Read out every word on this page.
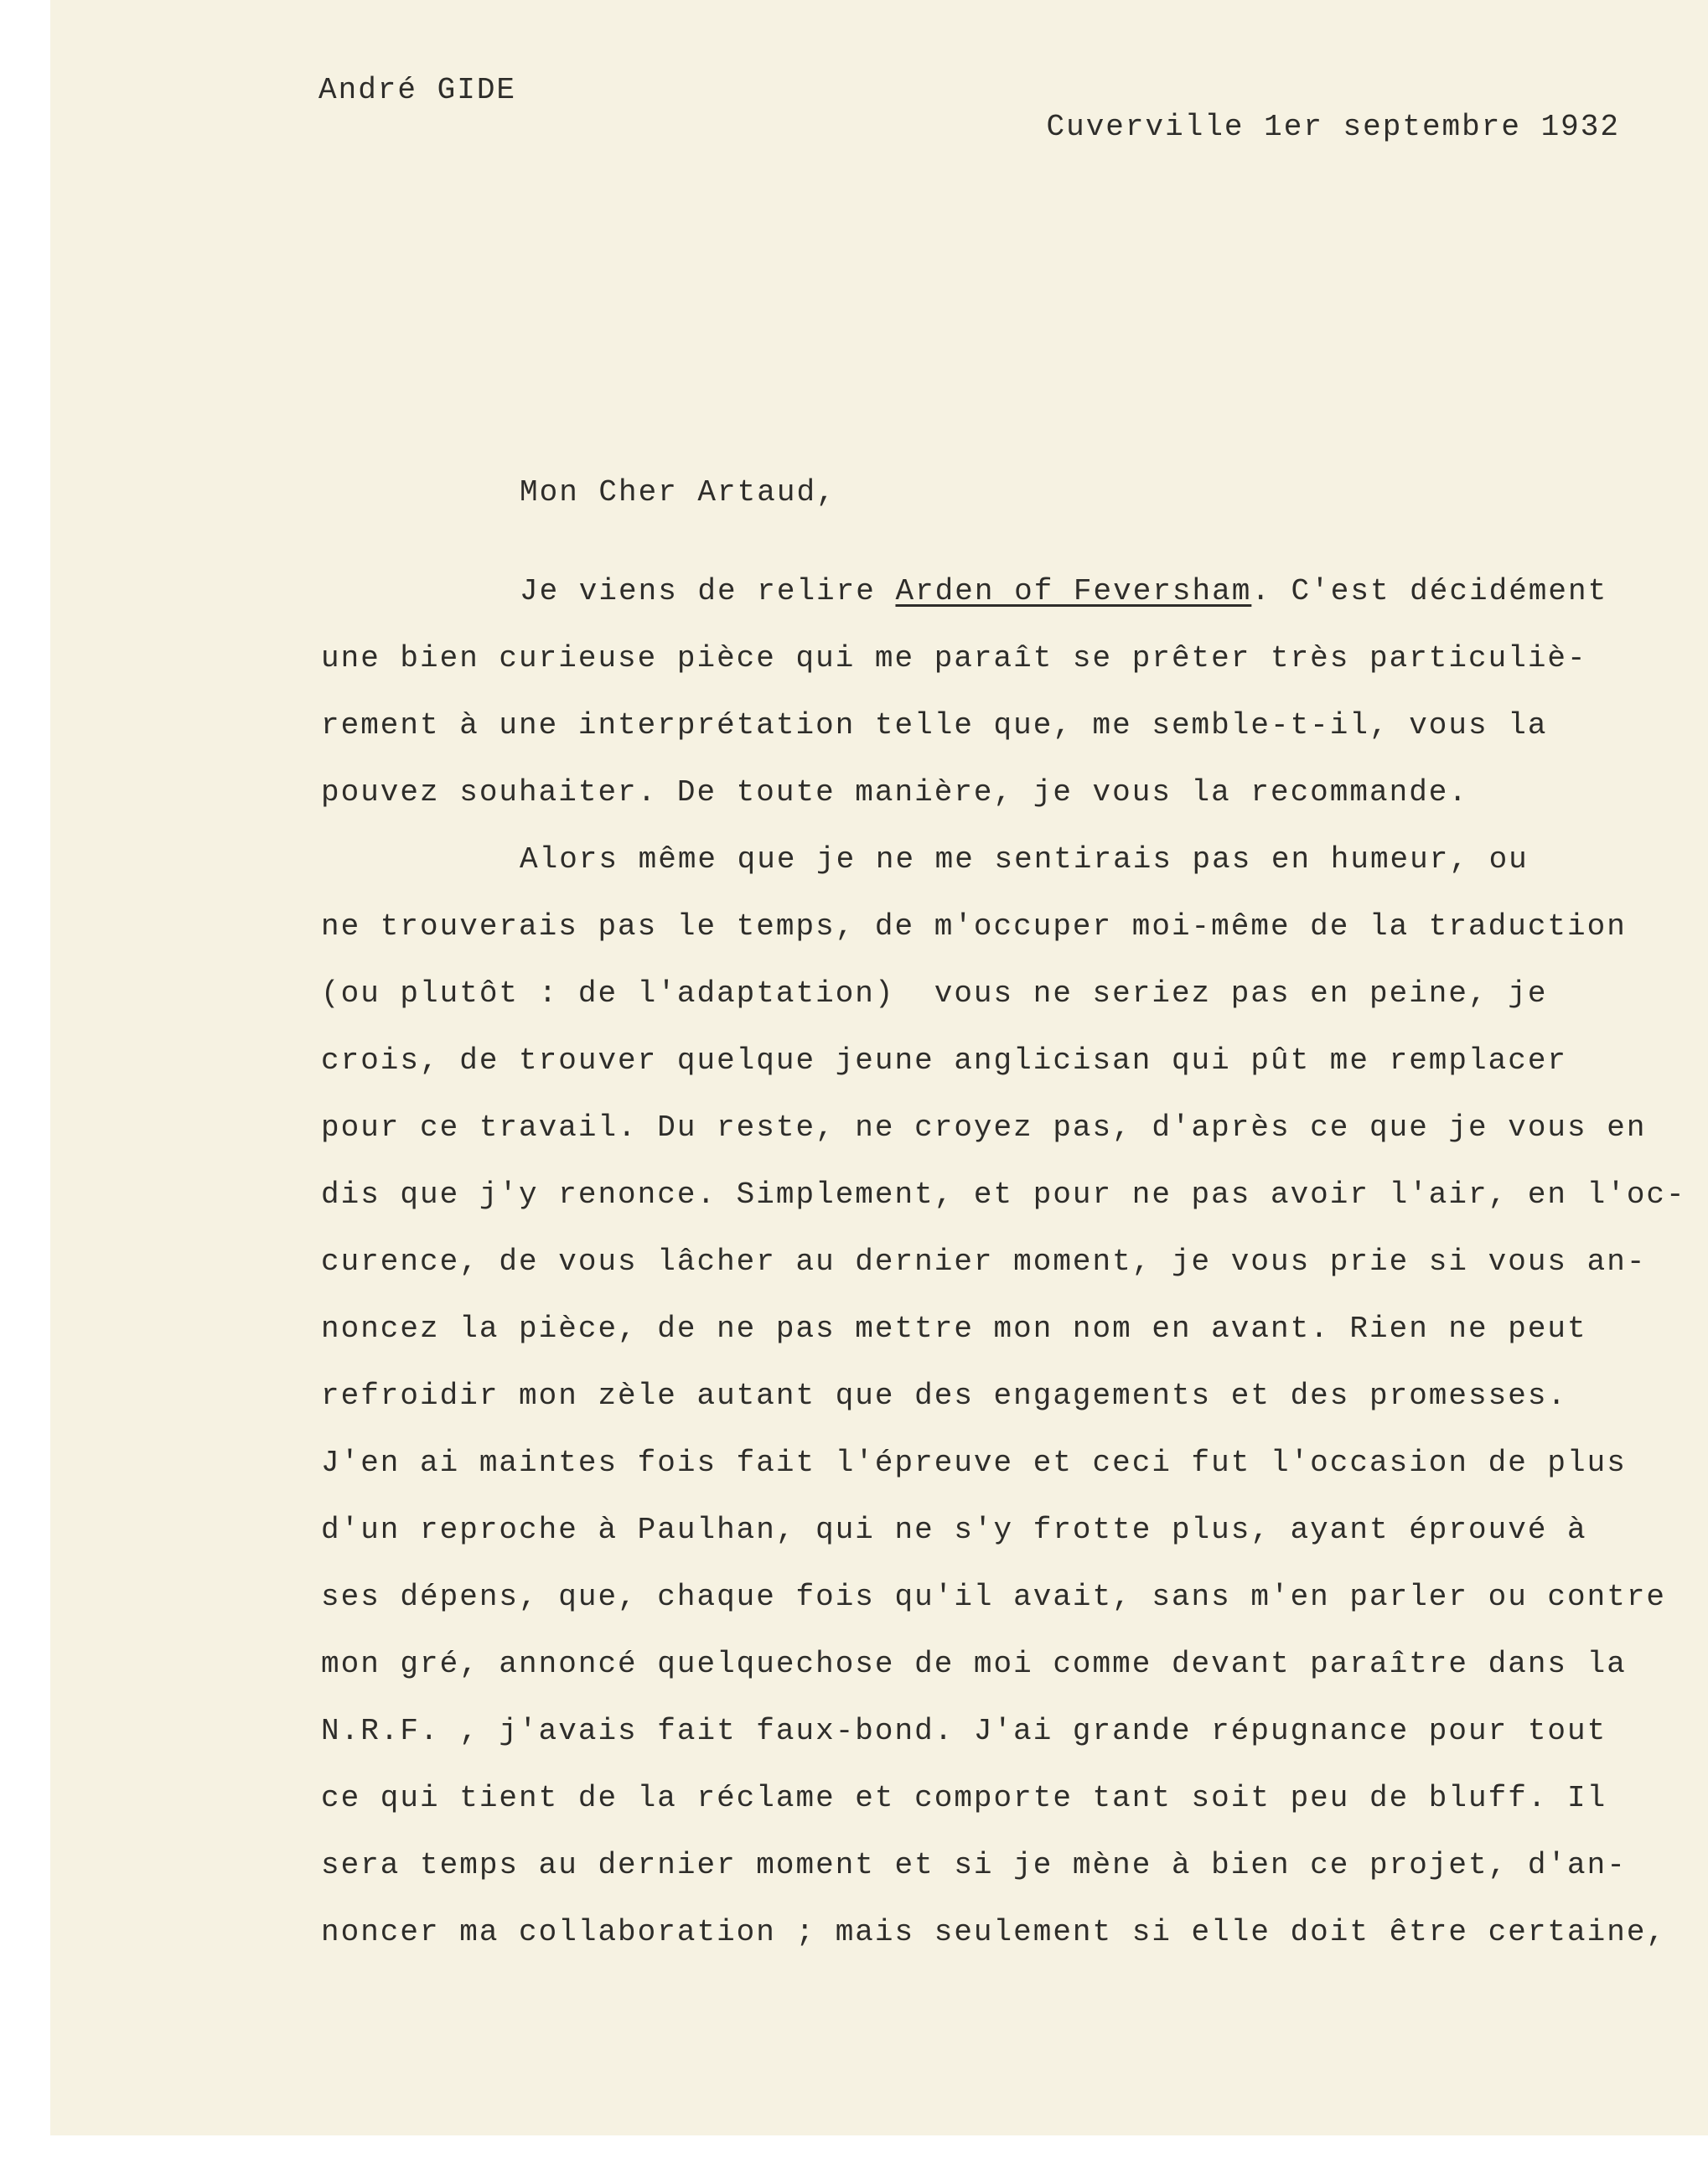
André GIDE
Cuverville 1er septembre 1932
Mon Cher Artaud,
Je viens de relire Arden of Feversham. C'est décidément
une bien curieuse pièce qui me paraît se prêter très particuliè-
rement à une interprétation telle que, me semble-t-il, vous la
pouvez souhaiter. De toute manière, je vous la recommande.
Alors même que je ne me sentirais pas en humeur, ou
ne trouverais pas le temps, de m'occuper moi-même de la traduction
(ou plutôt : de l'adaptation)  vous ne seriez pas en peine, je
crois, de trouver quelque jeune anglicisan qui pût me remplacer
pour ce travail. Du reste, ne croyez pas, d'après ce que je vous en
dis que j'y renonce. Simplement, et pour ne pas avoir l'air, en l'oc-
curence, de vous lâcher au dernier moment, je vous prie si vous an-
noncez la pièce, de ne pas mettre mon nom en avant. Rien ne peut
refroidir mon zèle autant que des engagements et des promesses.
J'en ai maintes fois fait l'épreuve et ceci fut l'occasion de plus
d'un reproche à Paulhan, qui ne s'y frotte plus, ayant éprouvé à
ses dépens, que, chaque fois qu'il avait, sans m'en parler ou contre
mon gré, annoncé quelquechose de moi comme devant paraître dans la
N.R.F. , j'avais fait faux-bond. J'ai grande répugnance pour tout
ce qui tient de la réclame et comporte tant soit peu de bluff. Il
sera temps au dernier moment et si je mène à bien ce projet, d'an-
noncer ma collaboration ; mais seulement si elle doit être certaine,
